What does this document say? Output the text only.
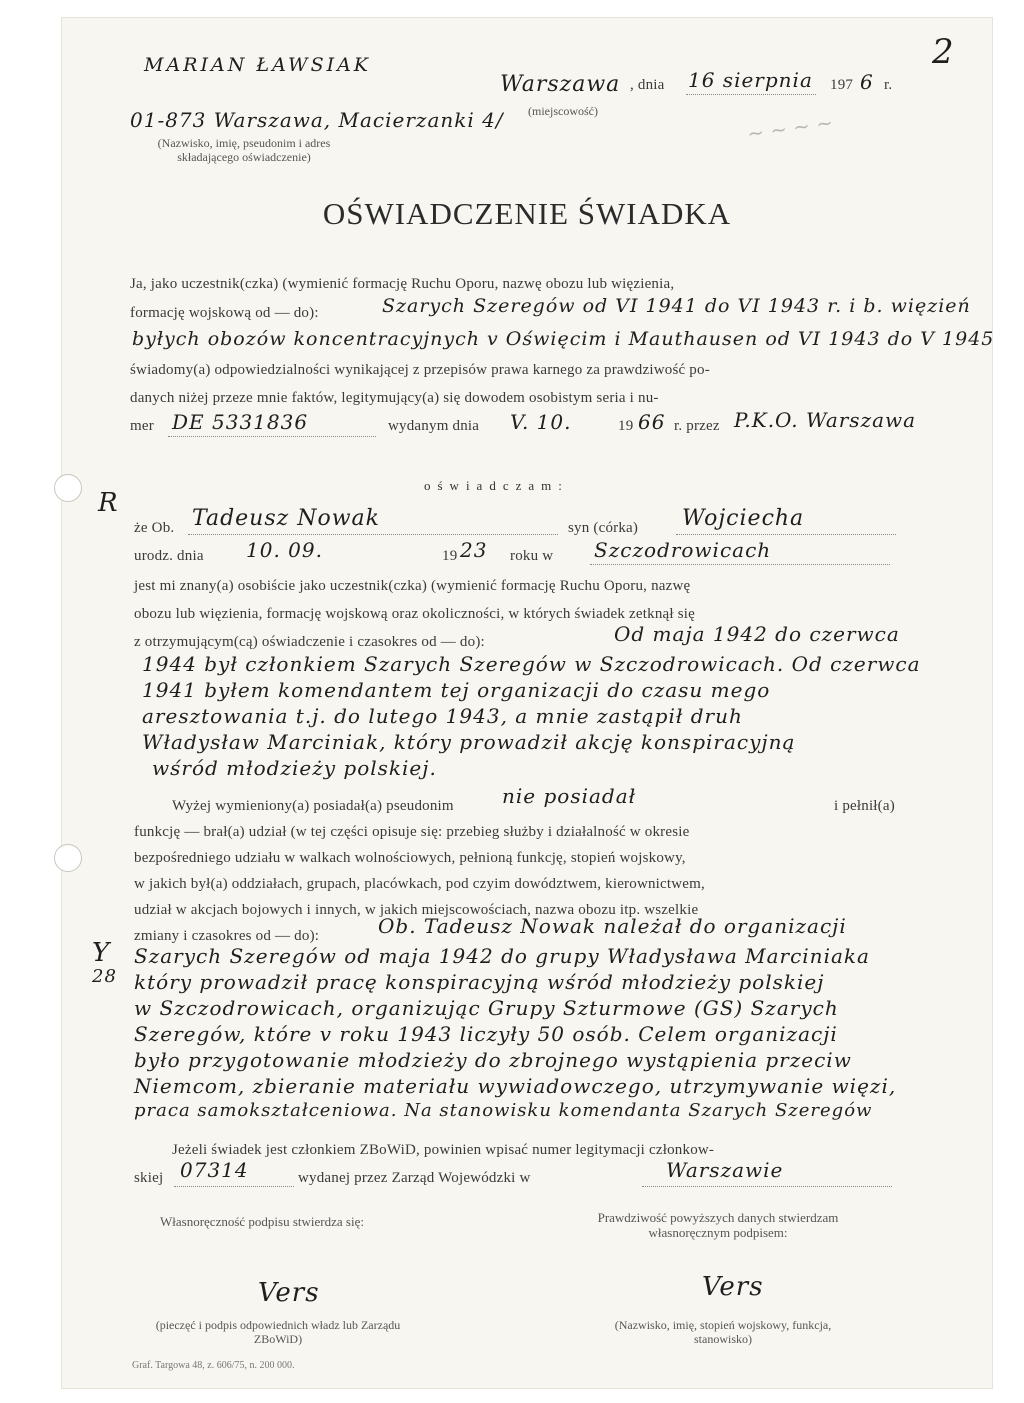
2
~ ~ ~ ~
MARIAN ŁAWSIAK
01-873 Warszawa, Macierzanki 4/
(Nazwisko, imię, pseudonim i adres składającego oświadczenie)
Warszawa
(miejscowość)
, dnia 16 sierpnia 197 6 r.
OŚWIADCZENIE ŚWIADKA
Ja, jako uczestnik(czka) (wymienić formację Ruchu Oporu, nazwę obozu lub więzienia,
formację wojskową od — do):	Szarych Szeregów od VI 1941 do VI 1943 r. i b. więzień
byłych obozów koncentracyjnych v Oświęcim i Mauthausen od VI 1943 do V 1945
świadomy(a) odpowiedzialności wynikającej z przepisów prawa karnego za prawdziwość po-
danych niżej przeze mnie faktów, legitymujący(a) się dowodem osobistym seria i nu-
mer DE 5331836	wydanym dnia V. 10.	19 66 r. przez P.K.O. Warszawa
oświadczam:
R
Y
28
że Ob. Tadeusz Nowak	syn (córka) Wojciecha
urodz. dnia 10. 09.	19 23 roku w Szczodrowicach
jest mi znany(a) osobiście jako uczestnik(czka) (wymienić formację Ruchu Oporu, nazwę
obozu lub więzienia, formację wojskową oraz okoliczności, w których świadek zetknął się
z otrzymującym(cą) oświadczenie i czasokres od — do):	Od maja 1942 do czerwca
1944 był członkiem Szarych Szeregów w Szczodrowicach. Od czerwca
1941 byłem komendantem tej organizacji do czasu mego
aresztowania t.j. do lutego 1943, a mnie zastąpił druh
Władysław Marciniak, który prowadził akcję konspiracyjną
wśród młodzieży polskiej.
Wyżej wymieniony(a) posiadał(a) pseudonim nie posiadał	i pełnił(a)
funkcję — brał(a) udział (w tej części opisuje się: przebieg służby i działalność w okresie
bezpośredniego udziału w walkach wolnościowych, pełnioną funkcję, stopień wojskowy,
w jakich był(a) oddziałach, grupach, placówkach, pod czyim dowództwem, kierownictwem,
udział w akcjach bojowych i innych, w jakich miejscowościach, nazwa obozu itp. wszelkie
zmiany i czasokres od — do):	Ob. Tadeusz Nowak należał do organizacji
Szarych Szeregów od maja 1942 do grupy Władysława Marciniaka
który prowadził pracę konspiracyjną wśród młodzieży polskiej
w Szczodrowicach, organizując Grupy Szturmowe (GS) Szarych
Szeregów, które v roku 1943 liczyły 50 osób. Celem organizacji
było przygotowanie młodzieży do zbrojnego wystąpienia przeciw
Niemcom, zbieranie materiału wywiadowczego, utrzymywanie więzi,
praca samokształceniowa. Na stanowisku komendanta Szarych Szeregów
Jeżeli świadek jest członkiem ZBoWiD, powinien wpisać numer legitymacji członkow-
skiej 07314	wydanej przez Zarząd Wojewódzki w	Warszawie
Własnoręczność podpisu stwierdza się:	Prawdziwość powyższych danych stwierdzam własnoręcznym podpisem:
Vers	Vers
(pieczęć i podpis odpowiednich władz lub Zarządu ZBoWiD)
(Nazwisko, imię, stopień wojskowy, funkcja, stanowisko)
Graf. Targowa 48, z. 606/75, n. 200 000.
